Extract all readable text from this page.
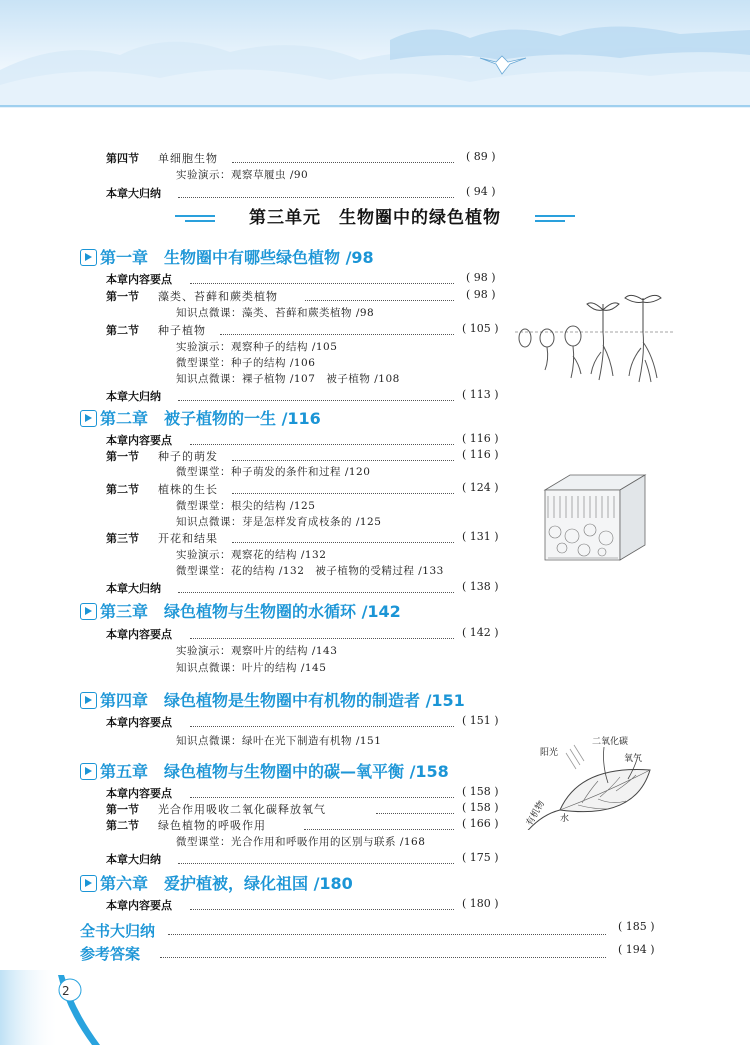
第四节 单细胞生物	( 89 )
实验演示：观察草履虫 /90
本章大归纳	( 94 )
第三单元　生物圈中的绿色植物
第一章　生物圈中有哪些绿色植物 /98
本章内容要点	( 98 )
第一节 藻类、苔藓和蕨类植物	( 98 )
知识点微课：藻类、苔藓和蕨类植物 /98
第二节 种子植物	( 105 )
实验演示：观察种子的结构 /105
微型课堂：种子的结构 /106
知识点微课：裸子植物 /107　被子植物 /108
本章大归纳	( 113 )
第二章　被子植物的一生 /116
本章内容要点	( 116 )
第一节 种子的萌发	( 116 )
微型课堂：种子萌发的条件和过程 /120
第二节 植株的生长	( 124 )
微型课堂：根尖的结构 /125
知识点微课：芽是怎样发育成枝条的 /125
第三节 开花和结果	( 131 )
实验演示：观察花的结构 /132
微型课堂：花的结构 /132　被子植物的受精过程 /133
本章大归纳	( 138 )
第三章　绿色植物与生物圈的水循环 /142
本章内容要点	( 142 )
实验演示：观察叶片的结构 /143
知识点微课：叶片的结构 /145
第四章　绿色植物是生物圈中有机物的制造者 /151
本章内容要点	( 151 )
知识点微课：绿叶在光下制造有机物 /151
阳光
二氧化碳
氧气
有机物 水
第五章　绿色植物与生物圈中的碳—氧平衡 /158
本章内容要点	( 158 )
第一节 光合作用吸收二氧化碳释放氧气	( 158 )
第二节 绿色植物的呼吸作用	( 166 )
微型课堂：光合作用和呼吸作用的区别与联系 /168
本章大归纳	( 175 )
第六章　爱护植被，绿化祖国 /180
本章内容要点	( 180 )
全书大归纳	( 185 )
参考答案	( 194 )
2
